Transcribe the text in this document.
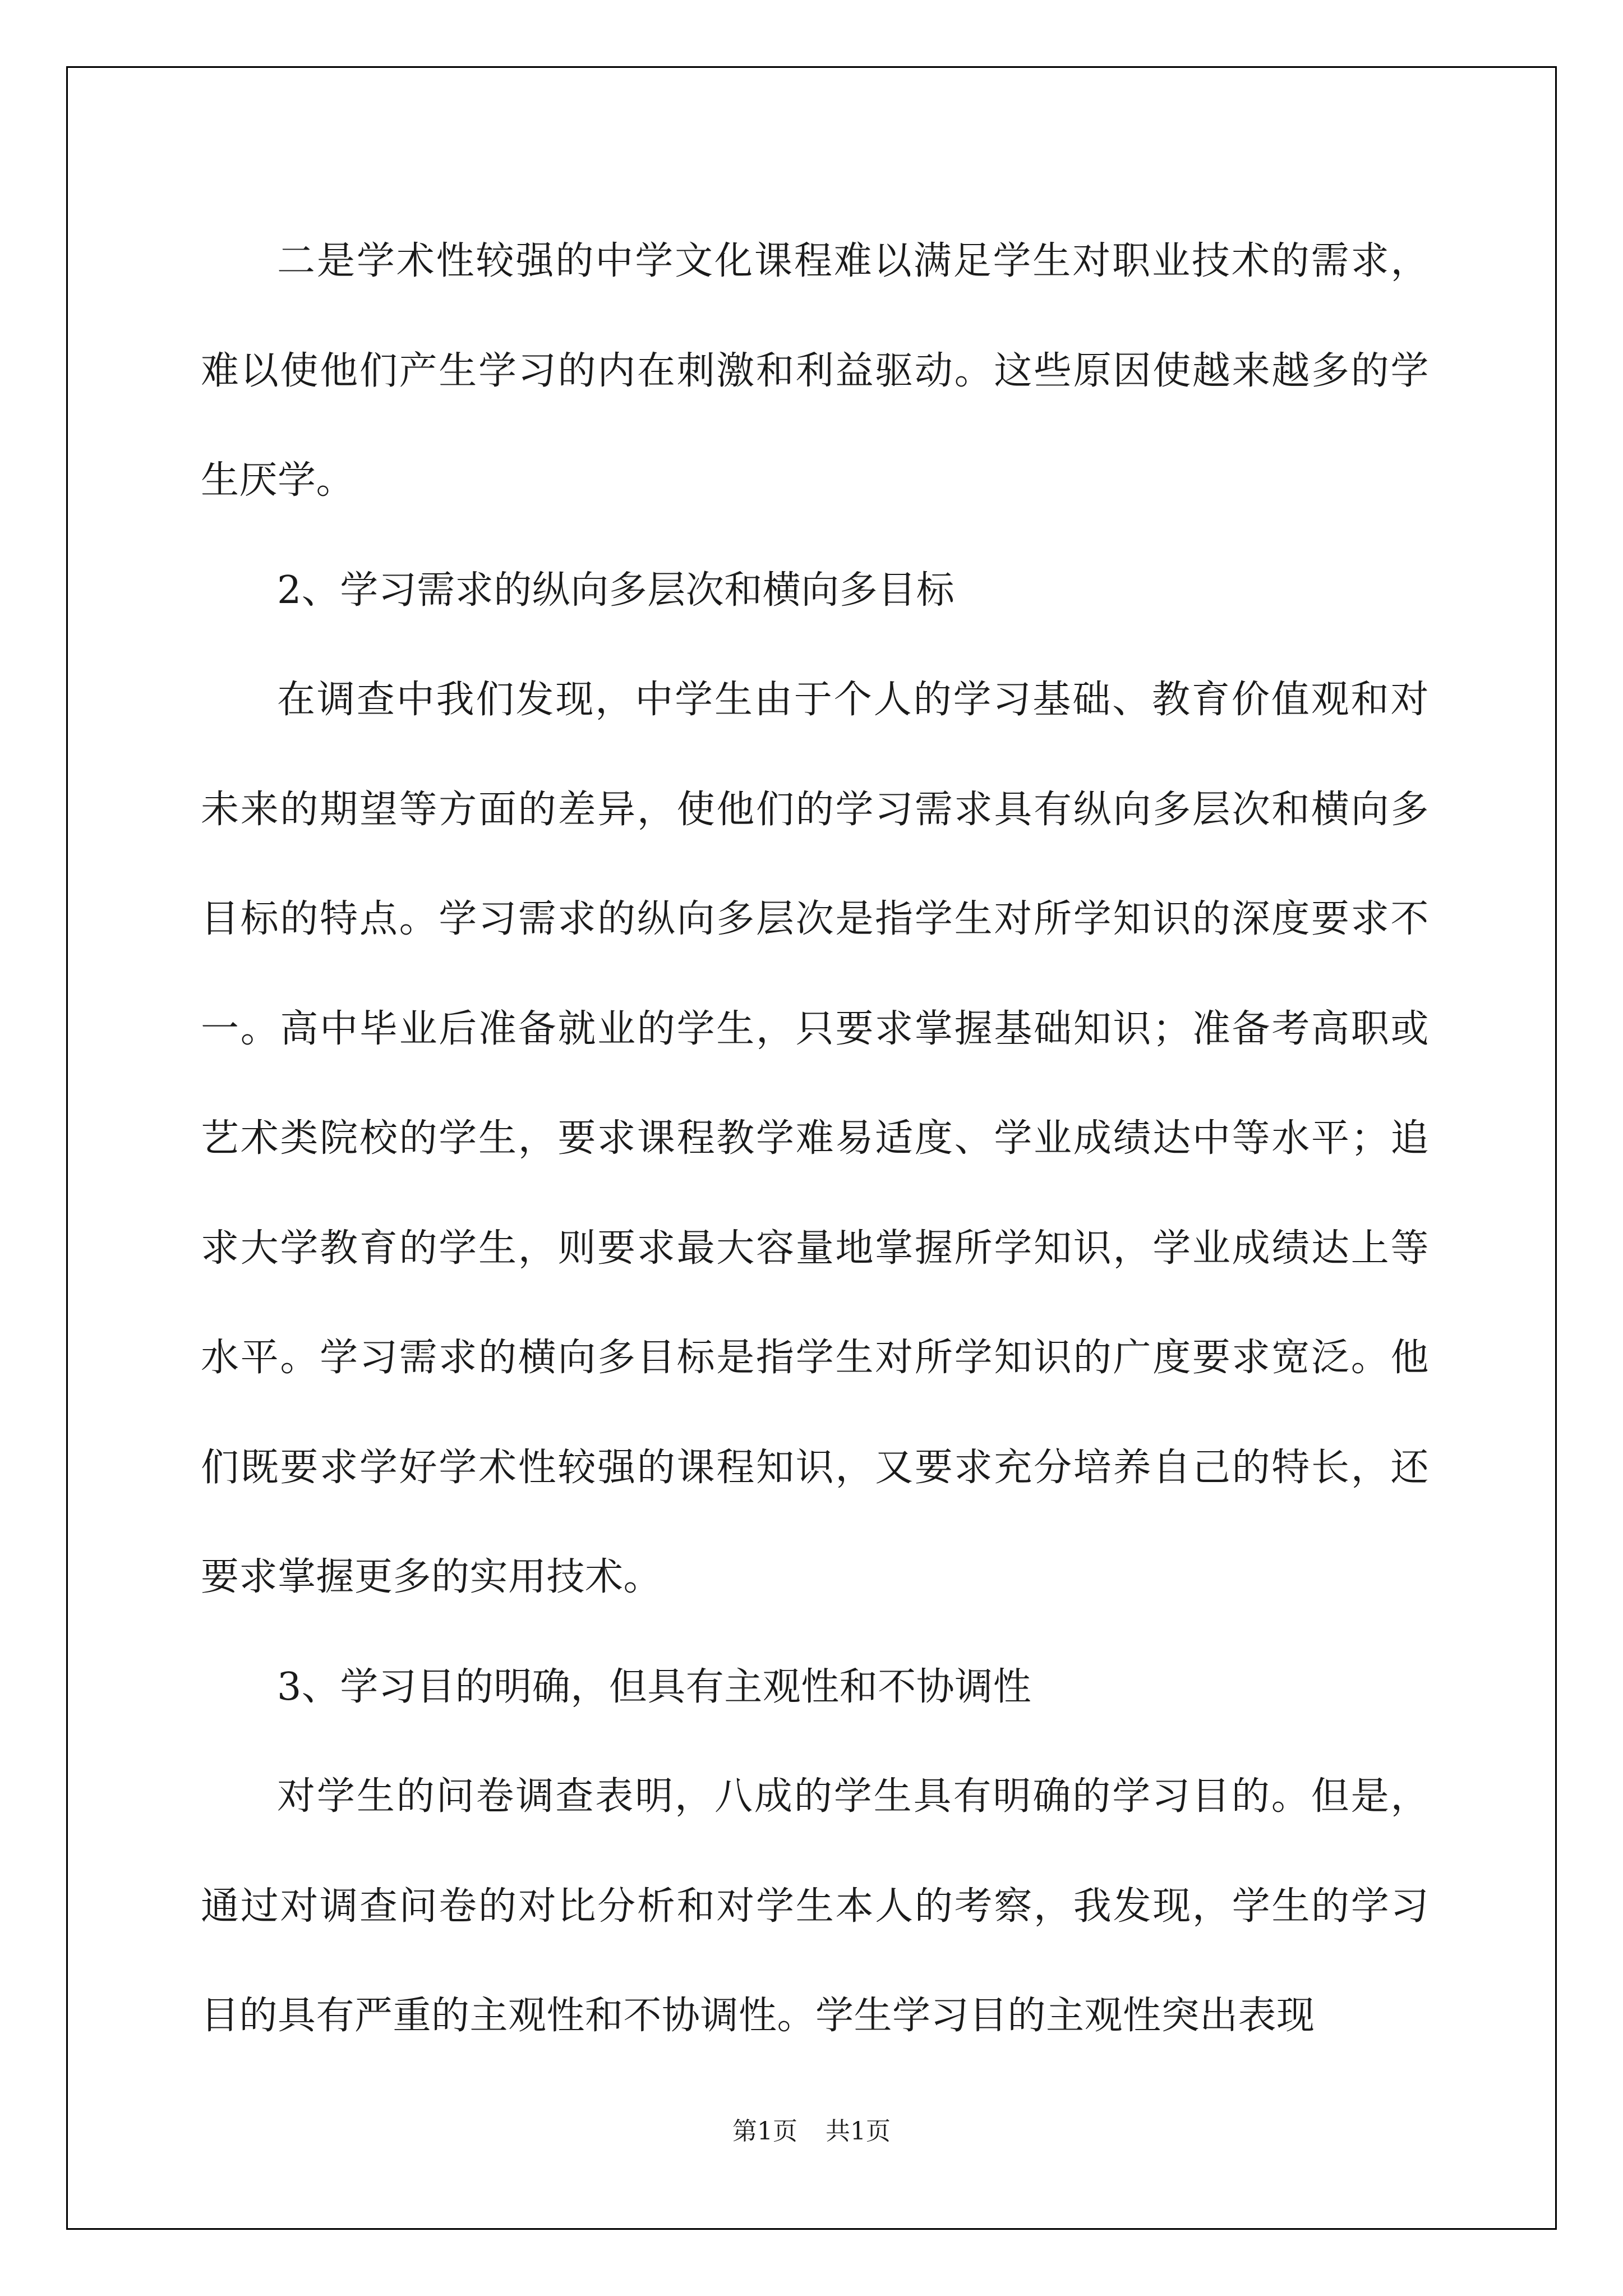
二是学术性较强的中学文化课程难以满足学生对职业技术的需求，难以使他们产生学习的内在刺激和利益驱动。这些原因使越来越多的学生厌学。

2、学习需求的纵向多层次和横向多目标

在调查中我们发现，中学生由于个人的学习基础、教育价值观和对未来的期望等方面的差异，使他们的学习需求具有纵向多层次和横向多目标的特点。学习需求的纵向多层次是指学生对所学知识的深度要求不一。高中毕业后准备就业的学生，只要求掌握基础知识；准备考高职或艺术类院校的学生，要求课程教学难易适度、学业成绩达中等水平；追求大学教育的学生，则要求最大容量地掌握所学知识，学业成绩达上等水平。学习需求的横向多目标是指学生对所学知识的广度要求宽泛。他们既要求学好学术性较强的课程知识，又要求充分培养自己的特长，还要求掌握更多的实用技术。

3、学习目的明确，但具有主观性和不协调性

对学生的问卷调查表明，八成的学生具有明确的学习目的。但是，通过对调查问卷的对比分析和对学生本人的考察，我发现，学生的学习目的具有严重的主观性和不协调性。学生学习目的主观性突出表现

第1页 共1页
